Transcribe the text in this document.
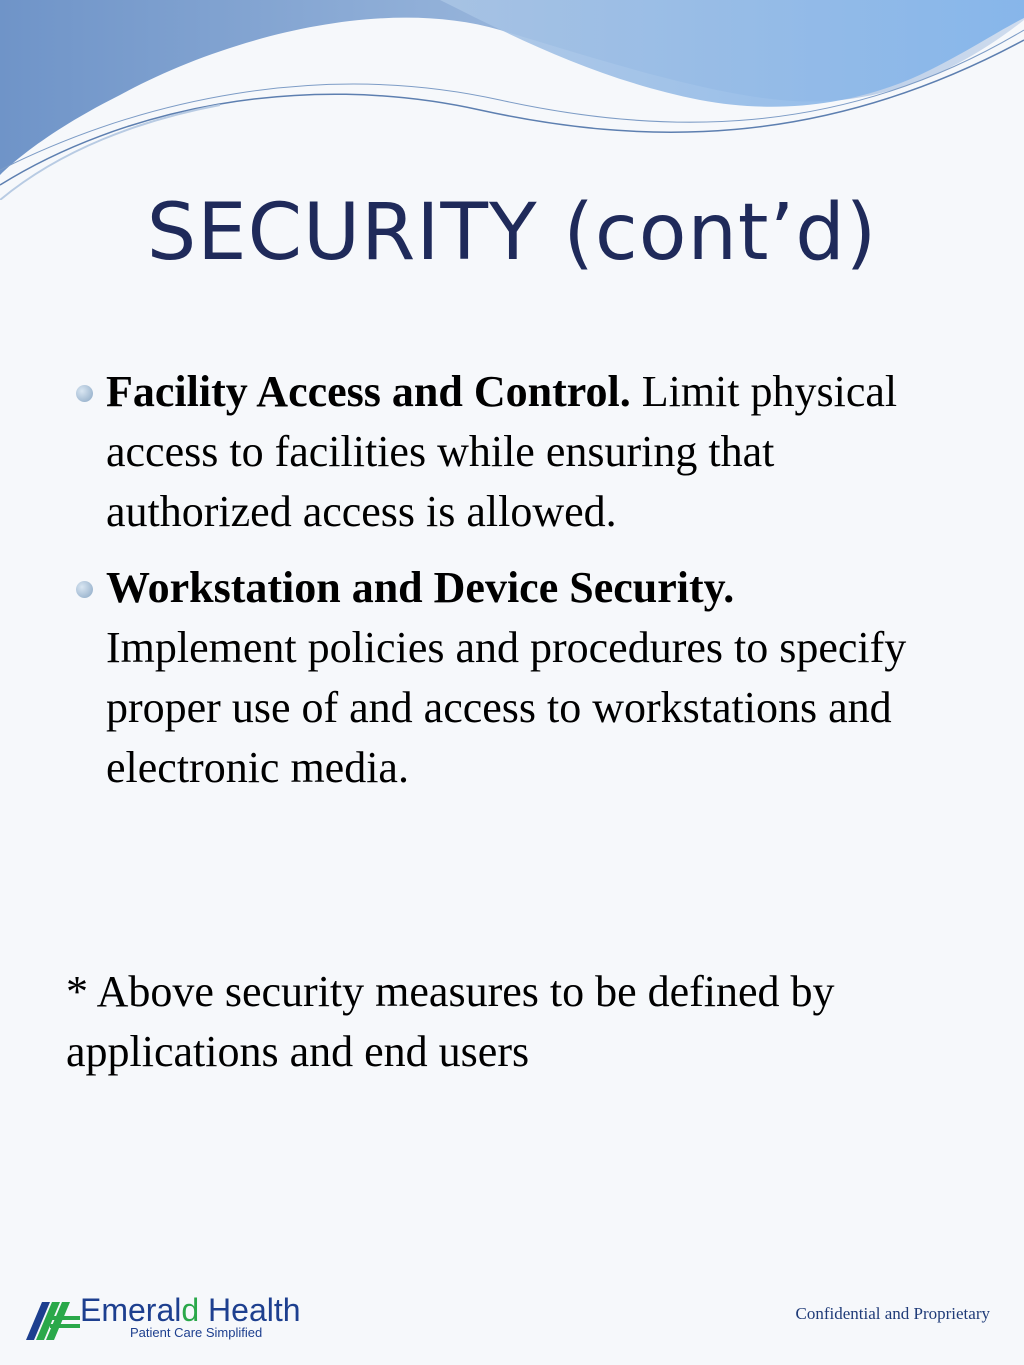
SECURITY (cont’d)
Facility Access and Control. Limit physical access to facilities while ensuring that authorized access is allowed.
Workstation and Device Security. Implement policies and procedures to specify proper use of and access to workstations and electronic media.
* Above security measures to be defined by applications and end users
Emerald Health
Patient Care Simplified
Confidential and Proprietary
